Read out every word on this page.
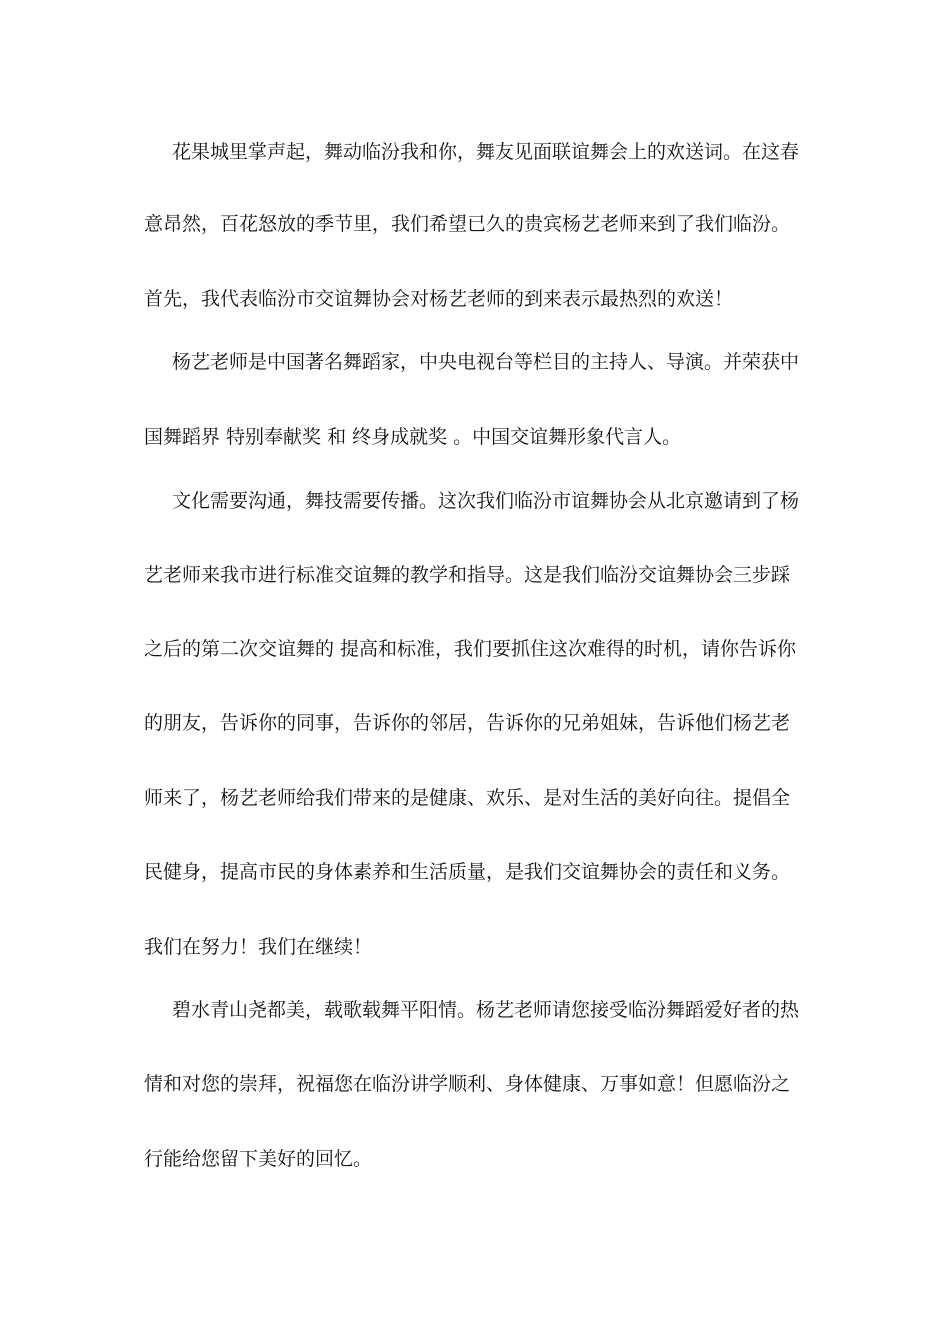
花果城里掌声起，舞动临汾我和你，舞友见面联谊舞会上的欢送词。在这春
意昂然，百花怒放的季节里，我们希望已久的贵宾杨艺老师来到了我们临汾。
首先，我代表临汾市交谊舞协会对杨艺老师的到来表示最热烈的欢送！
杨艺老师是中国著名舞蹈家，中央电视台等栏目的主持人、导演。并荣获中
国舞蹈界 特别奉献奖 和 终身成就奖 。中国交谊舞形象代言人。
文化需要沟通，舞技需要传播。这次我们临汾市谊舞协会从北京邀请到了杨
艺老师来我市进行标准交谊舞的教学和指导。这是我们临汾交谊舞协会三步踩
之后的第二次交谊舞的 提高和标准，我们要抓住这次难得的时机，请你告诉你
的朋友，告诉你的同事，告诉你的邻居，告诉你的兄弟姐妹，告诉他们杨艺老
师来了，杨艺老师给我们带来的是健康、欢乐、是对生活的美好向往。提倡全
民健身，提高市民的身体素养和生活质量，是我们交谊舞协会的责任和义务。
我们在努力！我们在继续！
碧水青山尧都美，载歌载舞平阳情。杨艺老师请您接受临汾舞蹈爱好者的热
情和对您的崇拜，祝福您在临汾讲学顺利、身体健康、万事如意！但愿临汾之
行能给您留下美好的回忆。
